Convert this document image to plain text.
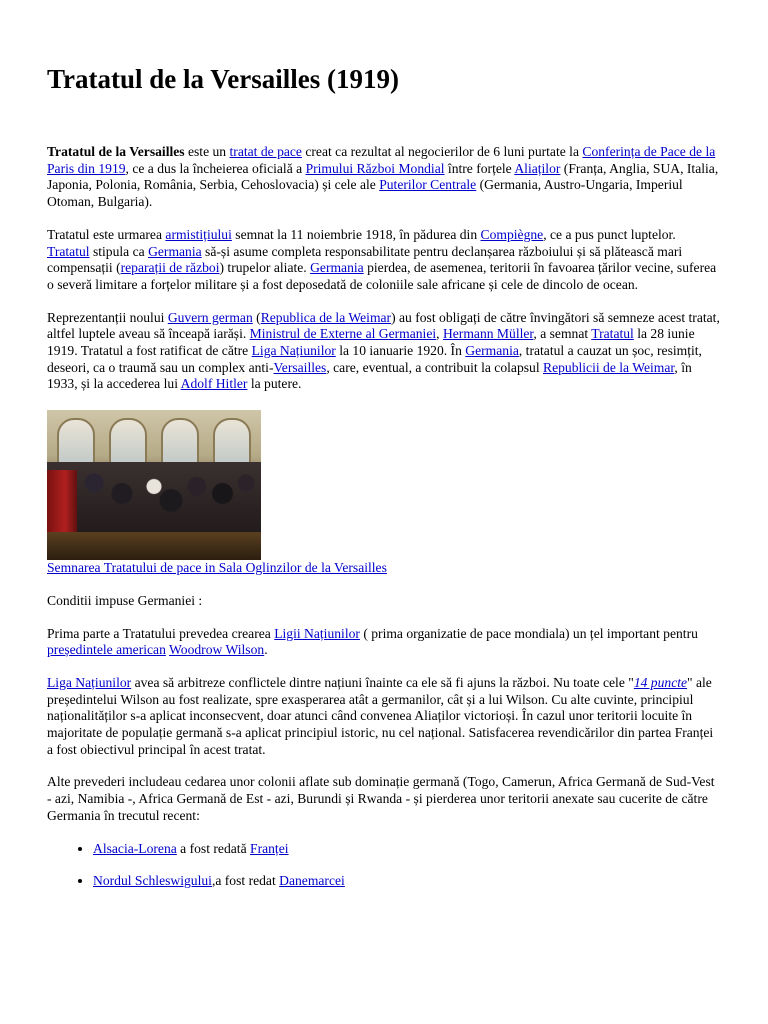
Tratatul de la Versailles (1919)

Tratatul de la Versailles este un tratat de pace creat ca rezultat al negocierilor de 6 luni purtate la Conferința de Pace de la Paris din 1919, ce a dus la încheierea oficială a Primului Război Mondial între forțele Aliaților (Franța, Anglia, SUA, Italia, Japonia, Polonia, România, Serbia, Cehoslovacia) și cele ale Puterilor Centrale (Germania, Austro-Ungaria, Imperiul Otoman, Bulgaria).

Tratatul este urmarea armistițiului semnat la 11 noiembrie 1918, în pădurea din Compiègne, ce a pus punct luptelor. Tratatul stipula ca Germania să-și asume completa responsabilitate pentru declanșarea războiului și să plătească mari compensații (reparații de război) trupelor aliate. Germania pierdea, de asemenea, teritorii în favoarea țărilor vecine, suferea o severă limitare a forțelor militare și a fost deposedată de coloniile sale africane și cele de dincolo de ocean.

Reprezentanții noului Guvern german (Republica de la Weimar) au fost obligați de către învingători să semneze acest tratat, altfel luptele aveau să înceapă iarăși. Ministrul de Externe al Germaniei, Hermann Müller, a semnat Tratatul la 28 iunie 1919. Tratatul a fost ratificat de către Liga Națiunilor la 10 ianuarie 1920. În Germania, tratatul a cauzat un șoc, resimțit, deseori, ca o traumă sau un complex anti-Versailles, care, eventual, a contribuit la colapsul Republicii de la Weimar, în 1933, și la accederea lui Adolf Hitler la putere.

Semnarea Tratatului de pace in Sala Oglinzilor de la Versailles

Conditii impuse Germaniei :

Prima parte a Tratatului prevedea crearea Ligii Națiunilor ( prima organizatie de pace mondiala) un țel important pentru președintele american Woodrow Wilson.

Liga Națiunilor avea să arbitreze conflictele dintre națiuni înainte ca ele să fi ajuns la război. Nu toate cele "14 puncte" ale președintelui Wilson au fost realizate, spre exasperarea atât a germanilor, cât și a lui Wilson. Cu alte cuvinte, principiul naționalităților s-a aplicat inconsecvent, doar atunci când convenea Aliaților victorioși. În cazul unor teritorii locuite în majoritate de populație germană s-a aplicat principiul istoric, nu cel național. Satisfacerea revendicărilor din partea Franței a fost obiectivul principal în acest tratat.

Alte prevederi includeau cedarea unor colonii aflate sub dominație germană (Togo, Camerun, Africa Germană de Sud-Vest - azi, Namibia -, Africa Germană de Est - azi, Burundi și Rwanda - și pierderea unor teritorii anexate sau cucerite de către Germania în trecutul recent:

• Alsacia-Lorena a fost redată Franței
• Nordul Schleswigului,a fost redat Danemarcei
